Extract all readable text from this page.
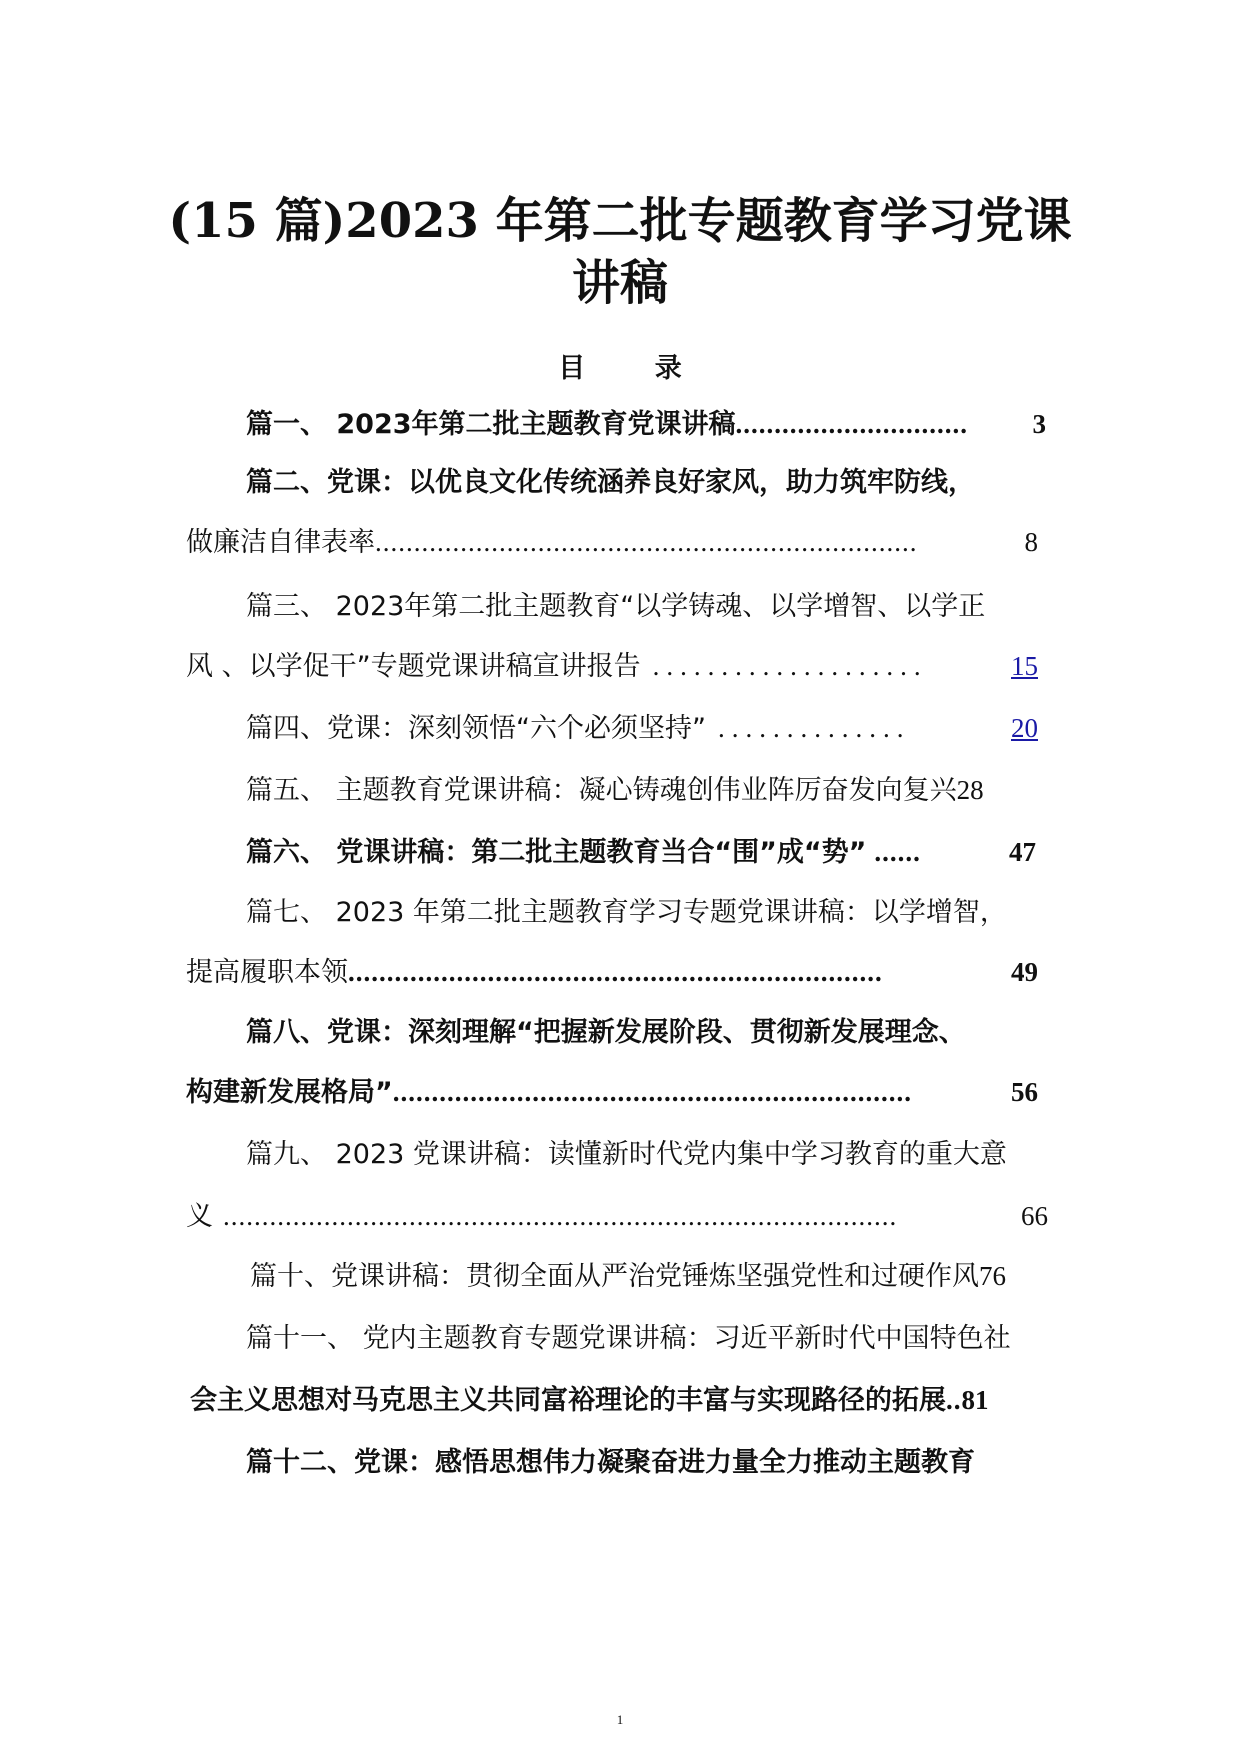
(15 篇)2023 年第二批专题教育学习党课
讲稿
目 录
篇一、 2023年第二批主题教育党课讲稿 ..............................	3
篇二、党课：以优良文化传统涵养良好家风，助力筑牢防线，
做廉洁自律表率 ......................................................................	8
篇三、 2023年第二批主题教育“以学铸魂、以学增智、以学正
风 、以学促干”专题党课讲稿宣讲报告 ....................	15
篇四、党课：深刻领悟“六个必须坚持” ..............	20
篇五、 主题教育党课讲稿：凝心铸魂创伟业阵厉奋发向复兴 28
篇六、 党课讲稿：第二批主题教育当合“围”成“势” ......	47
篇七、 2023 年第二批主题教育学习专题党课讲稿：以学增智，
提高履职本领 .....................................................................	49
篇八、党课：深刻理解“把握新发展阶段、贯彻新发展理念、
构建新发展格局” ...................................................................	56
篇九、 2023 党课讲稿：读懂新时代党内集中学习教育的重大意
义 .......................................................................................	66
篇十、党课讲稿：贯彻全面从严治党锤炼坚强党性和过硬作风 76
篇十一、 党内主题教育专题党课讲稿：习近平新时代中国特色社
会主义思想对马克思主义共同富裕理论的丰富与实现路径的拓展 .. 81
篇十二、党课：感悟思想伟力凝聚奋进力量全力推动主题教育
1
